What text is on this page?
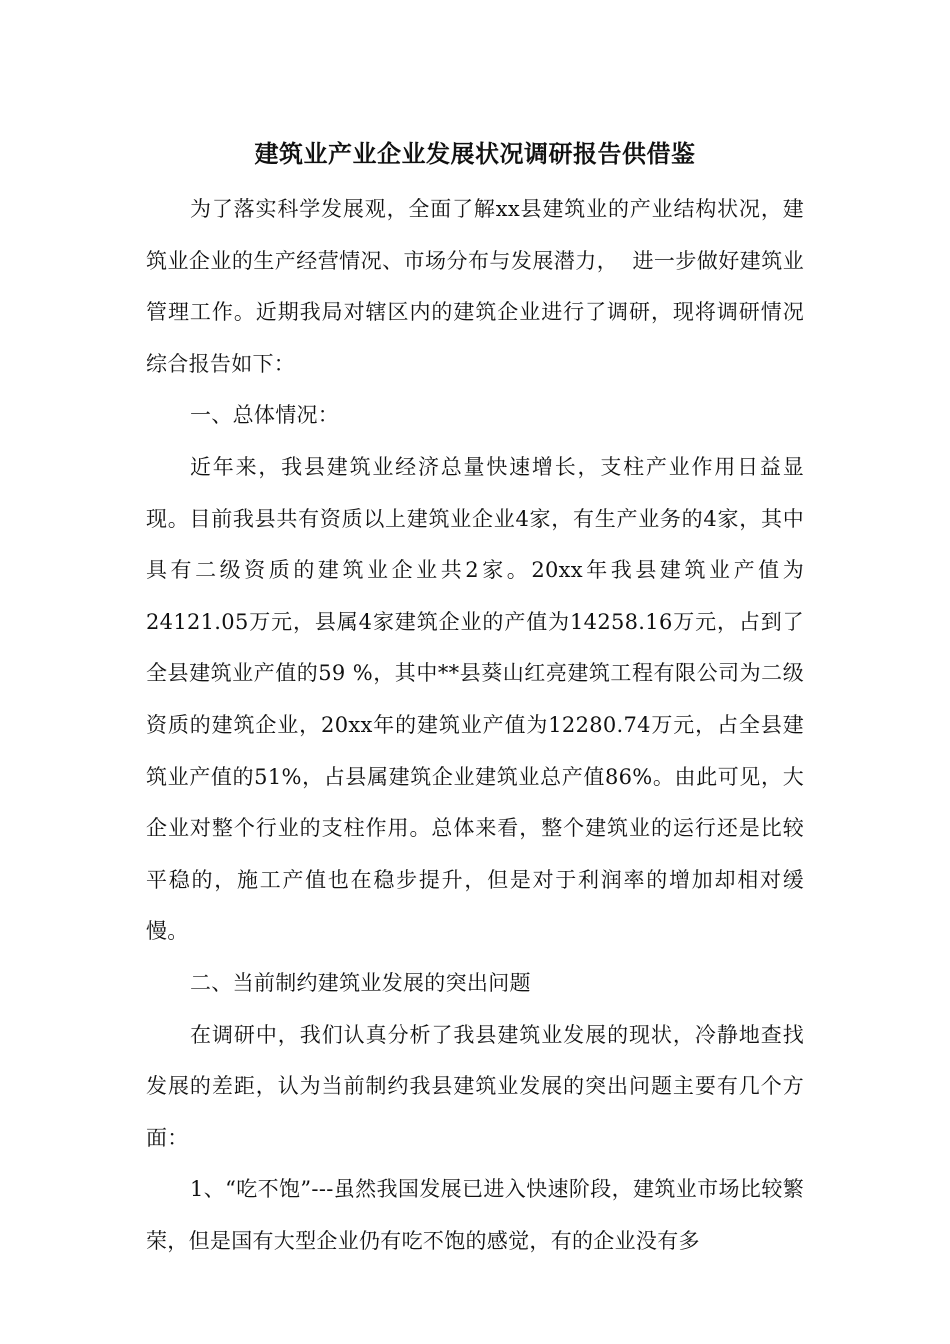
建筑业产业企业发展状况调研报告供借鉴

为了落实科学发展观，全面了解xx县建筑业的产业结构状况，建筑业企业的生产经营情况、市场分布与发展潜力，  进一步做好建筑业管理工作。近期我局对辖区内的建筑企业进行了调研，现将调研情况综合报告如下：

一、总体情况：

近年来，我县建筑业经济总量快速增长，支柱产业作用日益显现。目前我县共有资质以上建筑业企业4家，有生产业务的4家，其中具有二级资质的建筑业企业共2家。20xx年我县建筑业产值为24121.05万元，县属4家建筑企业的产值为14258.16万元，占到了全县建筑业产值的59 %，其中**县葵山红亮建筑工程有限公司为二级资质的建筑企业，20xx年的建筑业产值为12280.74万元，占全县建筑业产值的51%，占县属建筑企业建筑业总产值86%。由此可见，大企业对整个行业的支柱作用。总体来看，整个建筑业的运行还是比较平稳的，施工产值也在稳步提升，但是对于利润率的增加却相对缓慢。

二、当前制约建筑业发展的突出问题

在调研中，我们认真分析了我县建筑业发展的现状，冷静地查找发展的差距，认为当前制约我县建筑业发展的突出问题主要有几个方面：

1、“吃不饱”---虽然我国发展已进入快速阶段，建筑业市场比较繁荣，但是国有大型企业仍有吃不饱的感觉，有的企业没有多
